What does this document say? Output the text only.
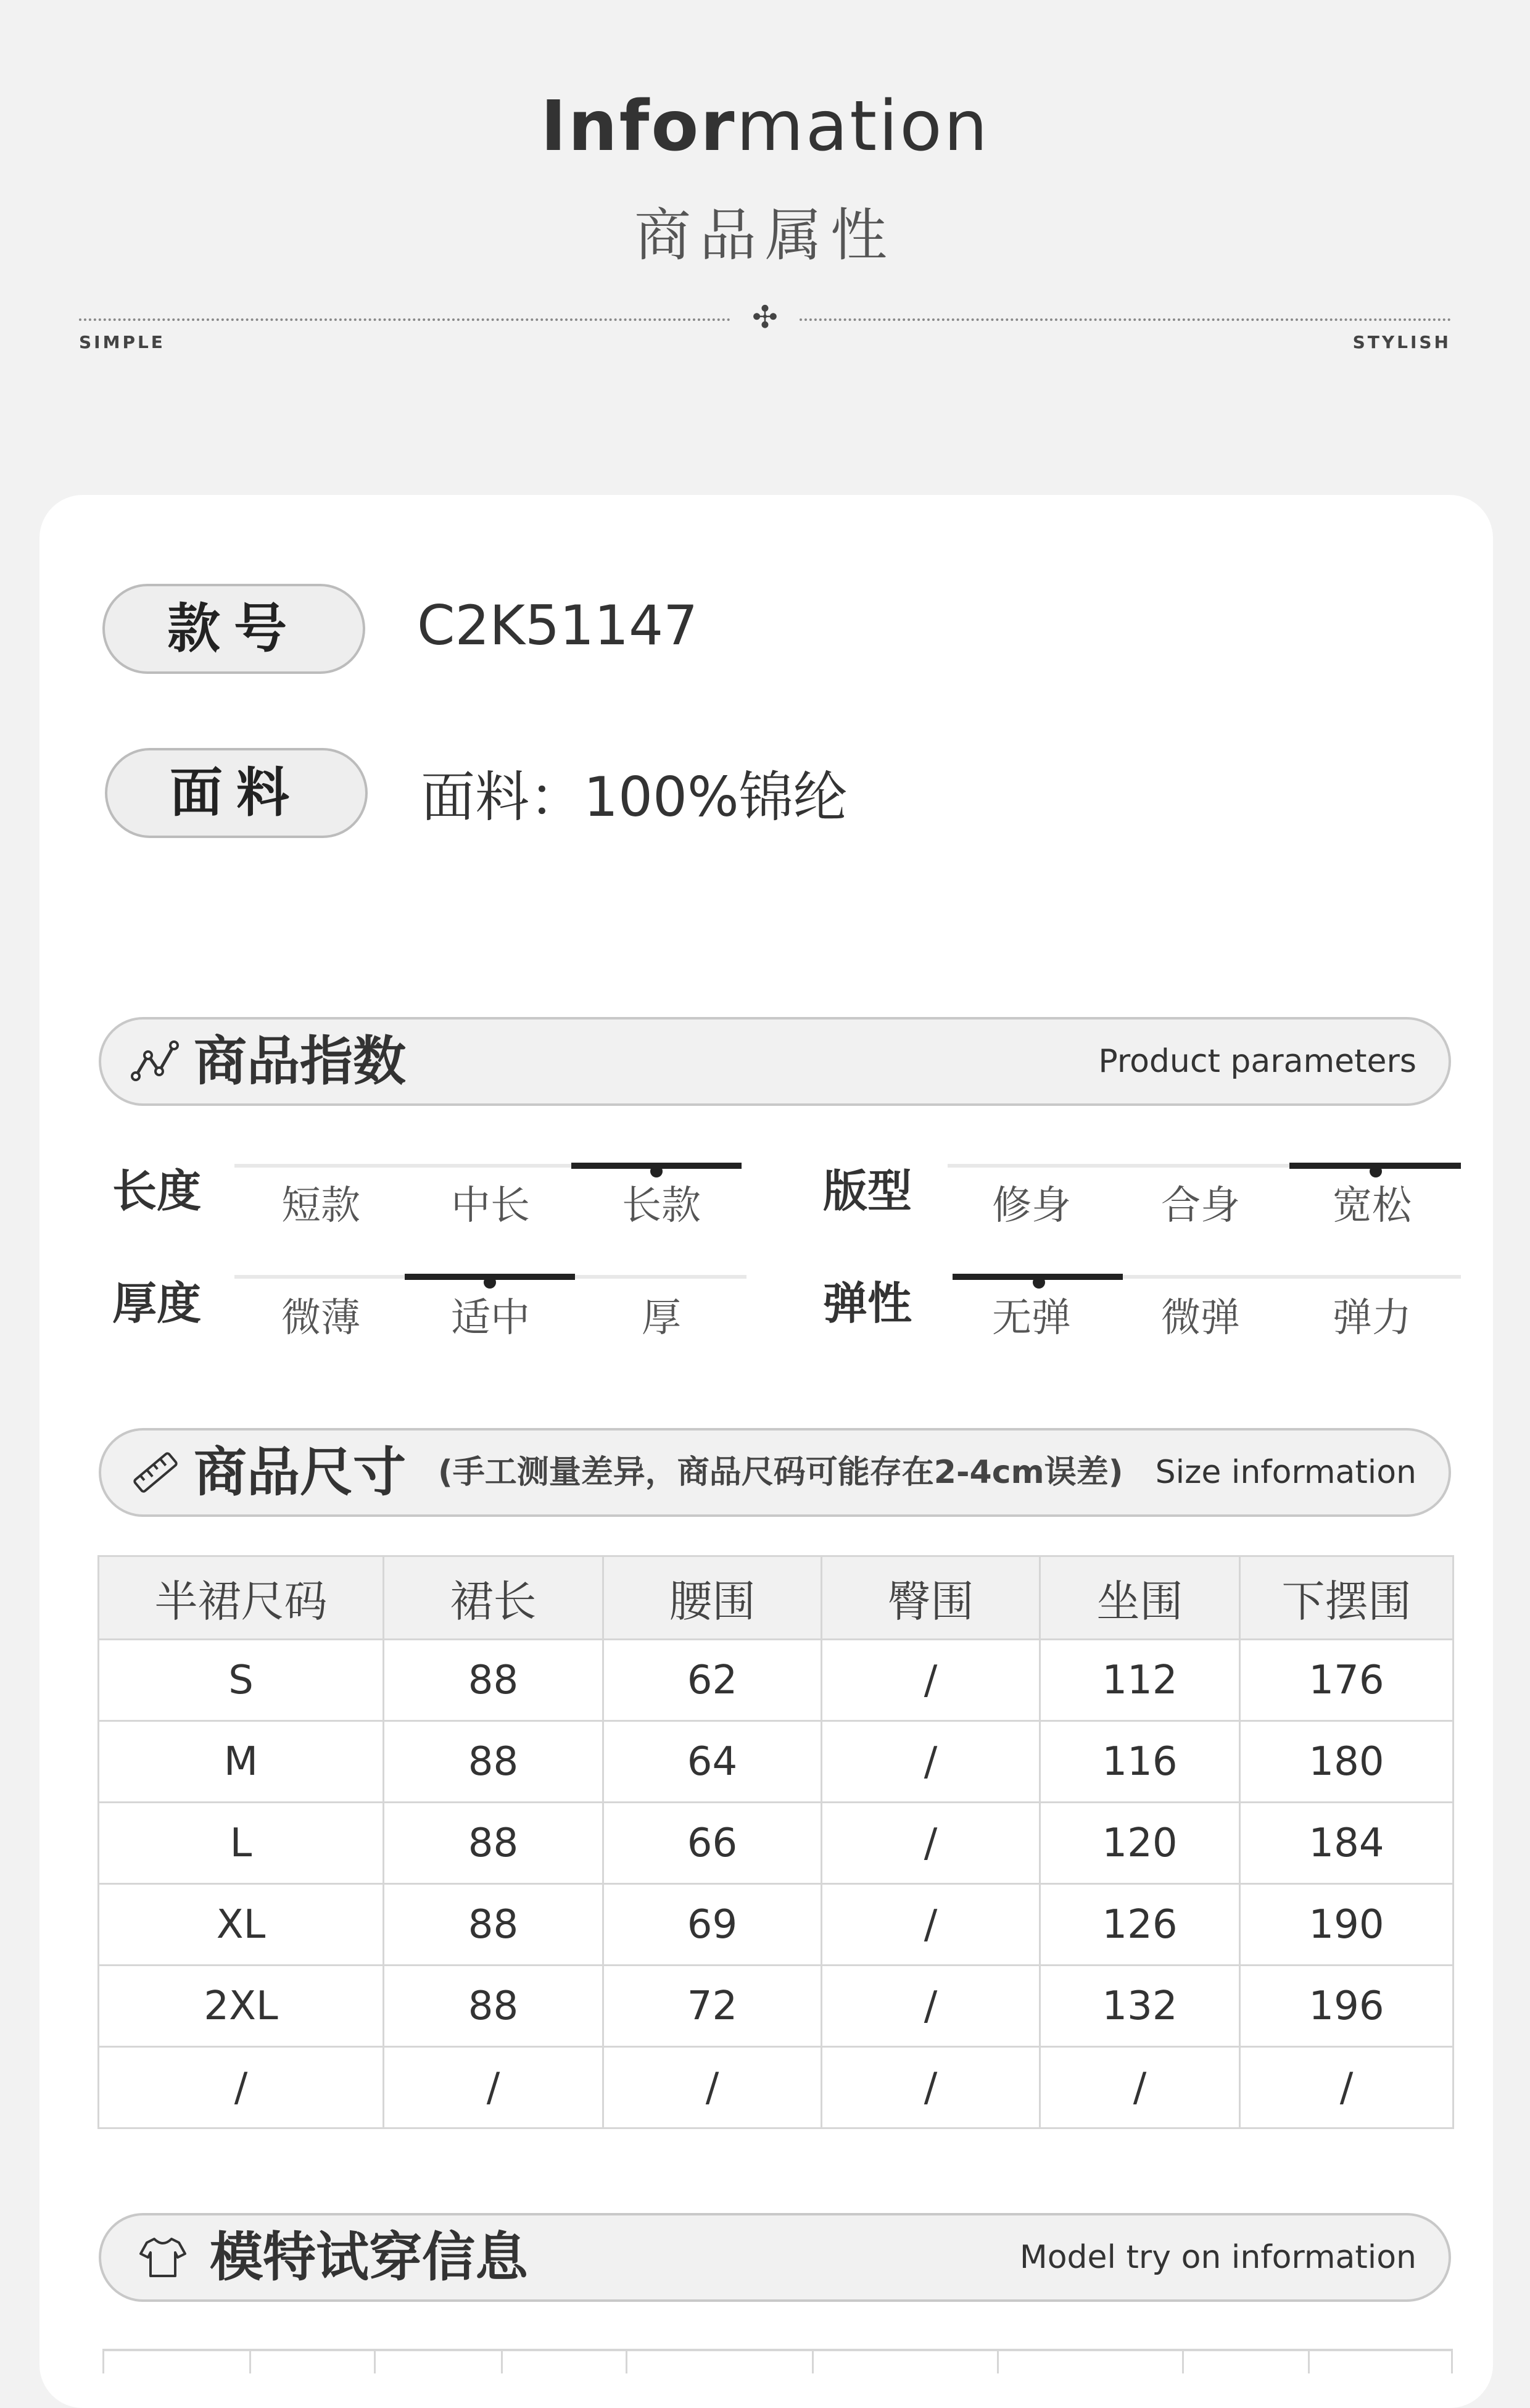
Information
商品属性
✣
SIMPLE	STYLISH
款号	C2K51147
面料	面料：100%锦纶
商品指数	Product parameters
长度	短款	中长	长款	版型	修身	合身	宽松
厚度	微薄	适中	厚	弹性	无弹	微弹	弹力
商品尺寸 (手工测量差异，商品尺码可能存在2-4cm误差) Size information
半裙尺码	裙长	腰围	臀围	坐围	下摆围
S	88	62	/	112	176
M	88	64	/	116	180
L	88	66	/	120	184
XL	88	69	/	126	190
2XL	88	72	/	132	196
/	/	/	/	/	/
模特试穿信息	Model try on information
